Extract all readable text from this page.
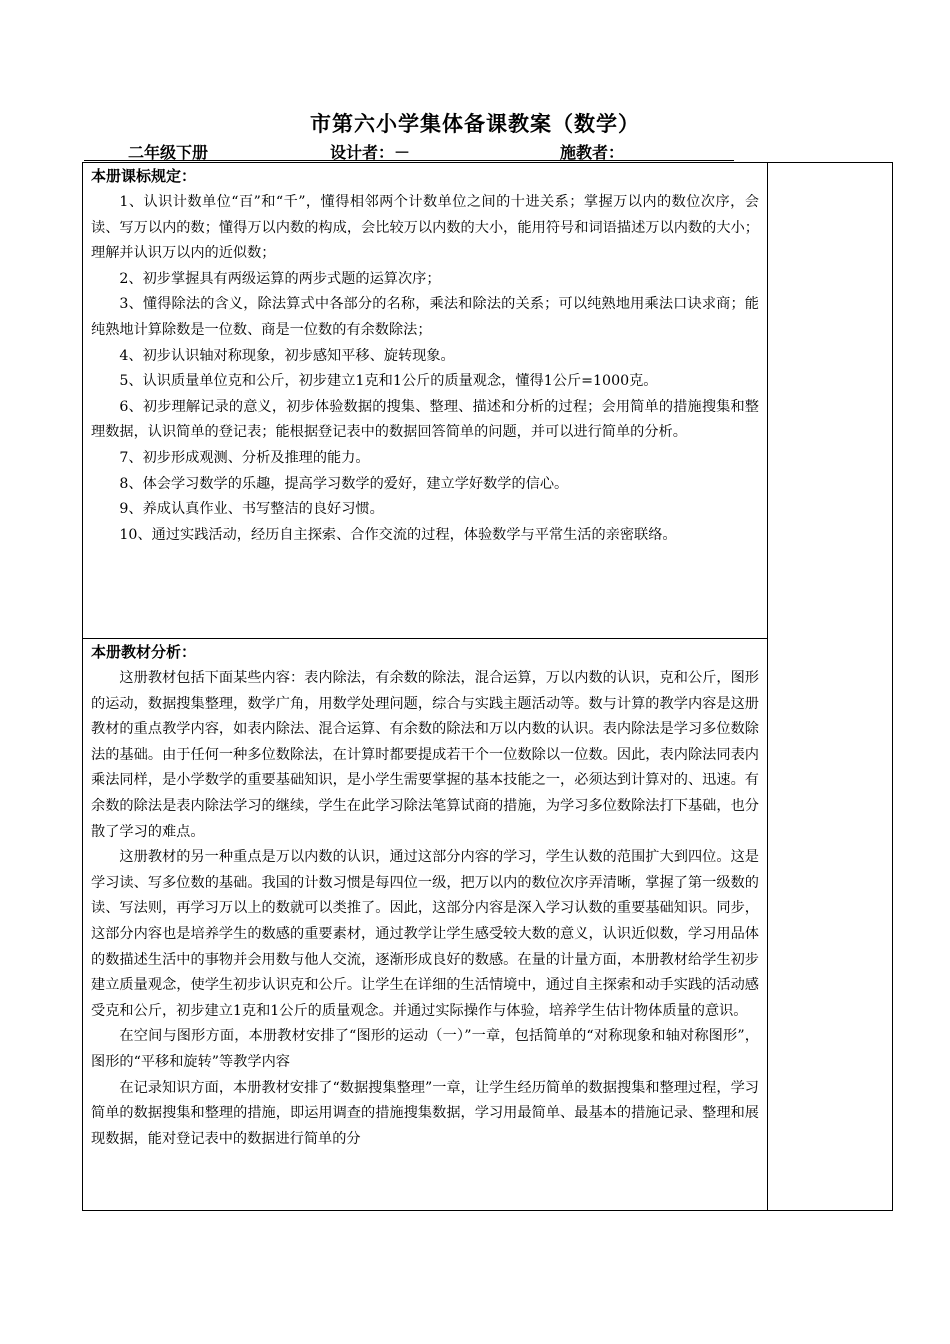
市第六小学集体备课教案（数学）
二年级下册	设计者：－	施教者：
本册课标规定：

1、认识计数单位“百”和“千”，懂得相邻两个计数单位之间的十进关系；掌握万以内的数位次序，会读、写万以内的数；懂得万以内数的构成，会比较万以内数的大小，能用符号和词语描述万以内数的大小；理解并认识万以内的近似数；

2、初步掌握具有两级运算的两步式题的运算次序；

3、懂得除法的含义，除法算式中各部分的名称，乘法和除法的关系；可以纯熟地用乘法口诀求商；能纯熟地计算除数是一位数、商是一位数的有余数除法；

4、初步认识轴对称现象，初步感知平移、旋转现象。

5、认识质量单位克和公斤，初步建立1克和1公斤的质量观念，懂得1公斤=1000克。

6、初步理解记录的意义，初步体验数据的搜集、整理、描述和分析的过程；会用简单的措施搜集和整理数据，认识简单的登记表；能根据登记表中的数据回答简单的问题，并可以进行简单的分析。

7、初步形成观测、分析及推理的能力。

8、体会学习数学的乐趣，提高学习数学的爱好，建立学好数学的信心。

9、养成认真作业、书写整洁的良好习惯。

10、通过实践活动，经历自主探索、合作交流的过程，体验数学与平常生活的亲密联络。

本册教材分析：

这册教材包括下面某些内容：表内除法，有余数的除法，混合运算，万以内数的认识，克和公斤，图形的运动，数据搜集整理，数学广角，用数学处理问题，综合与实践主题活动等。数与计算的教学内容是这册教材的重点教学内容，如表内除法、混合运算、有余数的除法和万以内数的认识。表内除法是学习多位数除法的基础。由于任何一种多位数除法，在计算时都要提成若干个一位数除以一位数。因此，表内除法同表内乘法同样，是小学数学的重要基础知识，是小学生需要掌握的基本技能之一，必须达到计算对的、迅速。有余数的除法是表内除法学习的继续，学生在此学习除法笔算试商的措施，为学习多位数除法打下基础，也分散了学习的难点。

这册教材的另一种重点是万以内数的认识，通过这部分内容的学习，学生认数的范围扩大到四位。这是学习读、写多位数的基础。我国的计数习惯是每四位一级，把万以内的数位次序弄清晰，掌握了第一级数的读、写法则，再学习万以上的数就可以类推了。因此，这部分内容是深入学习认数的重要基础知识。同步，这部分内容也是培养学生的数感的重要素材，通过教学让学生感受较大数的意义，认识近似数，学习用品体的数描述生活中的事物并会用数与他人交流，逐渐形成良好的数感。在量的计量方面，本册教材给学生初步建立质量观念，使学生初步认识克和公斤。让学生在详细的生活情境中，通过自主探索和动手实践的活动感受克和公斤，初步建立1克和1公斤的质量观念。并通过实际操作与体验，培养学生估计物体质量的意识。

在空间与图形方面，本册教材安排了“图形的运动（一）”一章，包括简单的“对称现象和轴对称图形”，图形的“平移和旋转”等教学内容

在记录知识方面，本册教材安排了“数据搜集整理”一章，让学生经历简单的数据搜集和整理过程，学习简单的数据搜集和整理的措施，即运用调查的措施搜集数据，学习用最简单、最基本的措施记录、整理和展现数据，能对登记表中的数据进行简单的分
